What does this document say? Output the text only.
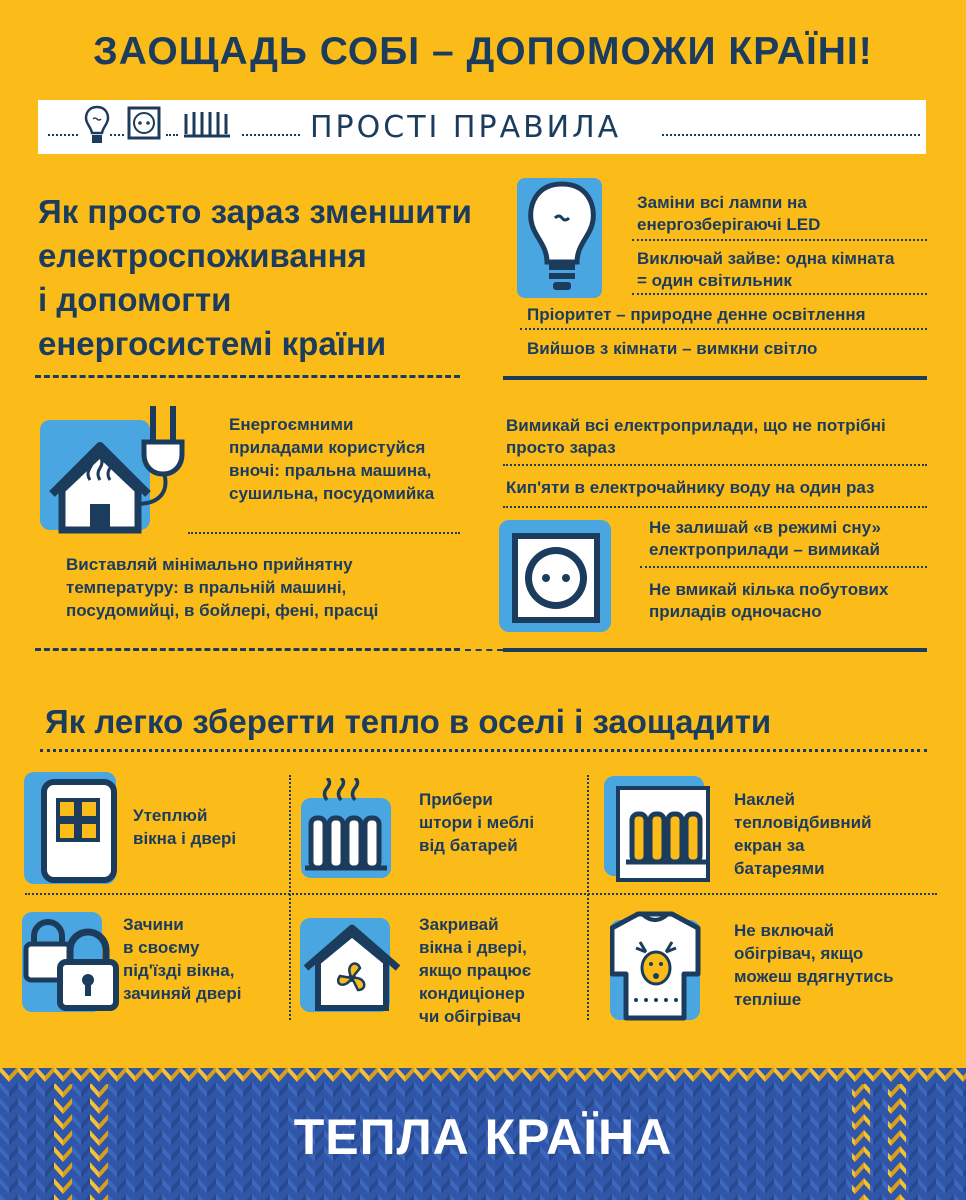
ЗАОЩАДЬ СОБІ – ДОПОМОЖИ КРАЇНІ!
ПРОСТІ ПРАВИЛА
Як просто зараз зменшити
електроспоживання
і допомогти
енергосистемі країни
Заміни всі лампи на
енергозберігаючі LED
Виключай зайве: одна кімната
= один світильник
Пріоритет – природне денне освітлення
Вийшов з кімнати – вимкни світло
Енергоємними
приладами користуйся
вночі: пральна машина,
сушильна, посудомийка
Виставляй мінімально прийнятну
температуру: в пральній машині,
посудомийці, в бойлері, фені, прасці
Вимикай всі електроприлади, що не потрібні
просто зараз
Кип'яти в електрочайнику воду на один раз
Не залишай «в режимі сну»
електроприлади – вимикай
Не вмикай кілька побутових
приладів одночасно
Як легко зберегти тепло в оселі і заощадити
Утеплюй
вікна і двері
Прибери
штори і меблі
від батарей
Наклей
тепловідбивний
екран за
батареями
Зачини
в своєму
під'їзді вікна,
зачиняй двері
Закривай
вікна і двері,
якщо працює
кондиціонер
чи обігрівач
Не включай
обігрівач, якщо
можеш вдягнутись
тепліше
ТЕПЛА КРАЇНА
